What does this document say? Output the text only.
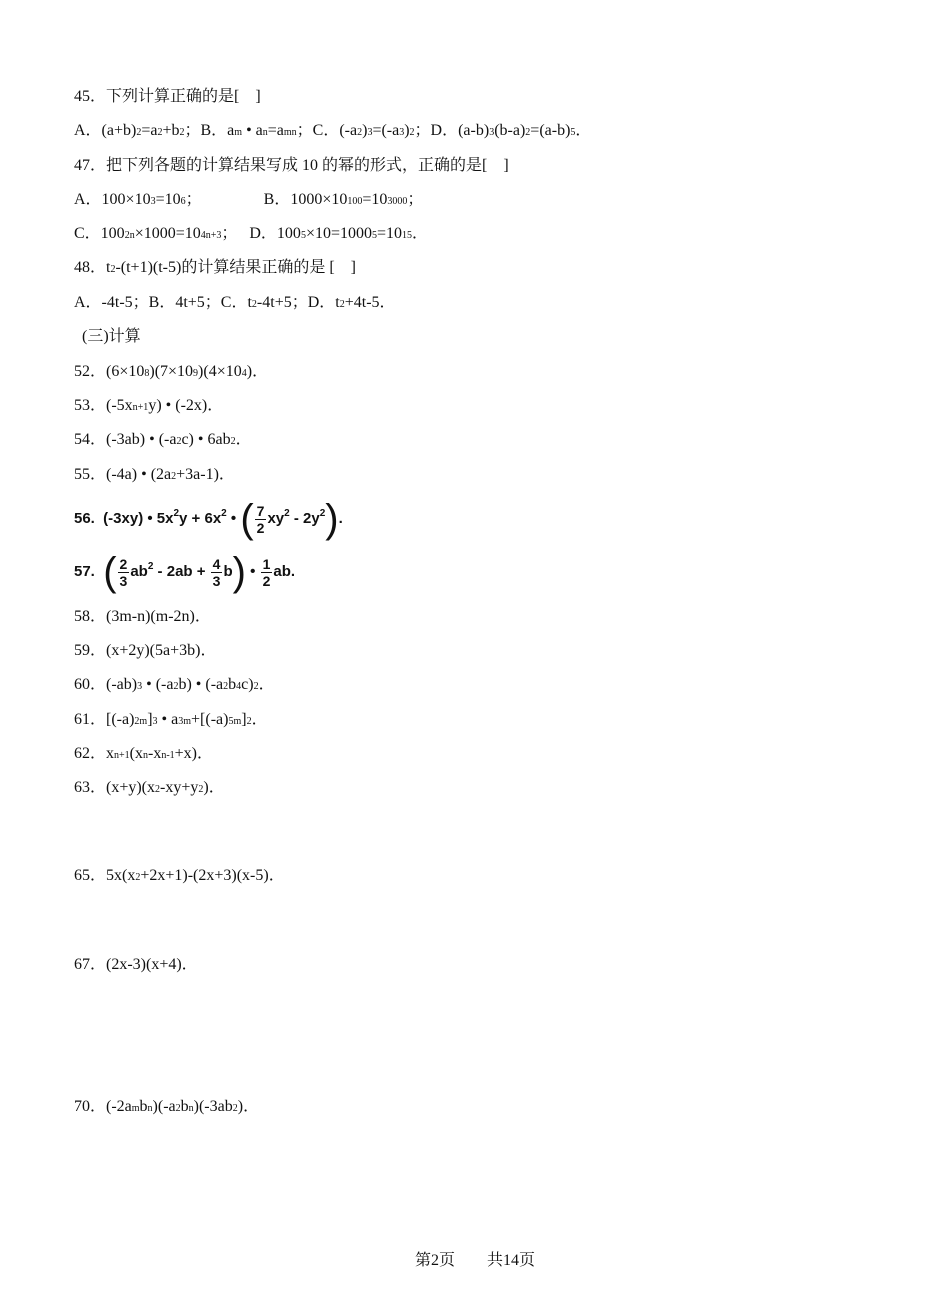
45．下列计算正确的是[    ]
A．(a+b)2=a2+b2；B．am • an=amn；C．(-a2)3=(-a3)2；D．(a-b)3(b-a)2=(a-b)5．
47．把下列各题的计算结果写成 10 的幂的形式，正确的是[    ]
A．100×103=106；	B．1000×10100=103000；
C．1002n×1000=104n+3；   D．1005×10=10005=1015．
48．t2-(t+1)(t-5)的计算结果正确的是 [    ]
A．-4t-5；B．4t+5；C．t2-4t+5；D．t2+4t-5．
(三)计算
52．(6×108)(7×109)(4×104)．
53．(-5xn+1y) • (-2x)．
54．(-3ab) • (-a2c) • 6ab2．
55．(-4a) • (2a2+3a-1)．
56.  (-3xy) • $5x^2y + 6x^2$ • ( $\frac{7}{2} xy^2 - 2y^2$).
57.  ( $\frac{2}{3} ab^2 - 2ab + \frac{4}{3} b$) • $\frac{1}{2}$ ab.
58．(3m-n)(m-2n)．
59．(x+2y)(5a+3b)．
60．(-ab)3 • (-a2b) • (-a2b4c)2．
61．[(-a)2m]3 • a3m+[(-a)5m]2．
62．xn+1(xn-xn-1+x)．
63．(x+y)(x2-xy+y2)．
65．5x(x2+2x+1)-(2x+3)(x-5)．
67．(2x-3)(x+4)．
70．(-2ambn)(-a2bn)(-3ab2)．
第2页 共14页
